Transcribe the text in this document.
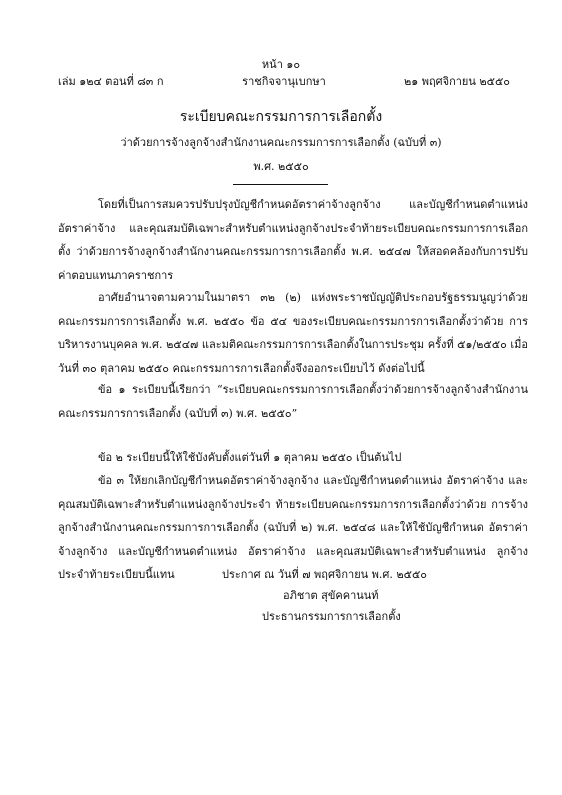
หน้า ๑๐
เล่ม ๑๒๔ ตอนที่ ๘๓ ก	ราชกิจจานุเบกษา	๒๑ พฤศจิกายน ๒๕๕๐
ระเบียบคณะกรรมการการเลือกตั้ง
ว่าด้วยการจ้างลูกจ้างสำนักงานคณะกรรมการการเลือกตั้ง (ฉบับที่ ๓)
พ.ศ. ๒๕๕๐

โดยที่เป็นการสมควรปรับปรุงบัญชีกำหนดอัตราค่าจ้างลูกจ้าง และบัญชีกำหนดตำแหน่ง อัตราค่าจ้าง และคุณสมบัติเฉพาะสำหรับตำแหน่งลูกจ้างประจำท้ายระเบียบคณะกรรมการการเลือกตั้ง ว่าด้วยการจ้างลูกจ้างสำนักงานคณะกรรมการการเลือกตั้ง พ.ศ. ๒๕๔๗ ให้สอดคล้องกับการปรับ ค่าตอบแทนภาคราชการ

อาศัยอำนาจตามความในมาตรา ๓๒ (๒) แห่งพระราชบัญญัติประกอบรัฐธรรมนูญว่าด้วย คณะกรรมการการเลือกตั้ง พ.ศ. ๒๕๕๐ ข้อ ๕๔ ของระเบียบคณะกรรมการการเลือกตั้งว่าด้วย การบริหารงานบุคคล พ.ศ. ๒๕๔๗ และมติคณะกรรมการการเลือกตั้งในการประชุม ครั้งที่ ๕๑/๒๕๕๐ เมื่อวันที่ ๓๐ ตุลาคม ๒๕๕๐ คณะกรรมการการเลือกตั้งจึงออกระเบียบไว้ ดังต่อไปนี้

ข้อ ๑ ระเบียบนี้เรียกว่า “ระเบียบคณะกรรมการการเลือกตั้งว่าด้วยการจ้างลูกจ้างสำนักงาน คณะกรรมการการเลือกตั้ง (ฉบับที่ ๓) พ.ศ. ๒๕๕๐”

ข้อ ๒ ระเบียบนี้ให้ใช้บังคับตั้งแต่วันที่ ๑ ตุลาคม ๒๕๕๐ เป็นต้นไป

ข้อ ๓ ให้ยกเลิกบัญชีกำหนดอัตราค่าจ้างลูกจ้าง และบัญชีกำหนดตำแหน่ง อัตราค่าจ้าง และคุณสมบัติเฉพาะสำหรับตำแหน่งลูกจ้างประจำ ท้ายระเบียบคณะกรรมการการเลือกตั้งว่าด้วย การจ้างลูกจ้างสำนักงานคณะกรรมการการเลือกตั้ง (ฉบับที่ ๒) พ.ศ. ๒๕๔๘ และให้ใช้บัญชีกำหนด อัตราค่าจ้างลูกจ้าง และบัญชีกำหนดตำแหน่ง อัตราค่าจ้าง และคุณสมบัติเฉพาะสำหรับตำแหน่ง ลูกจ้างประจำท้ายระเบียบนี้แทน	ประกาศ ณ วันที่ ๗ พฤศจิกายน พ.ศ. ๒๕๕๐
อภิชาต สุขัคคานนท์
ประธานกรรมการการเลือกตั้ง
